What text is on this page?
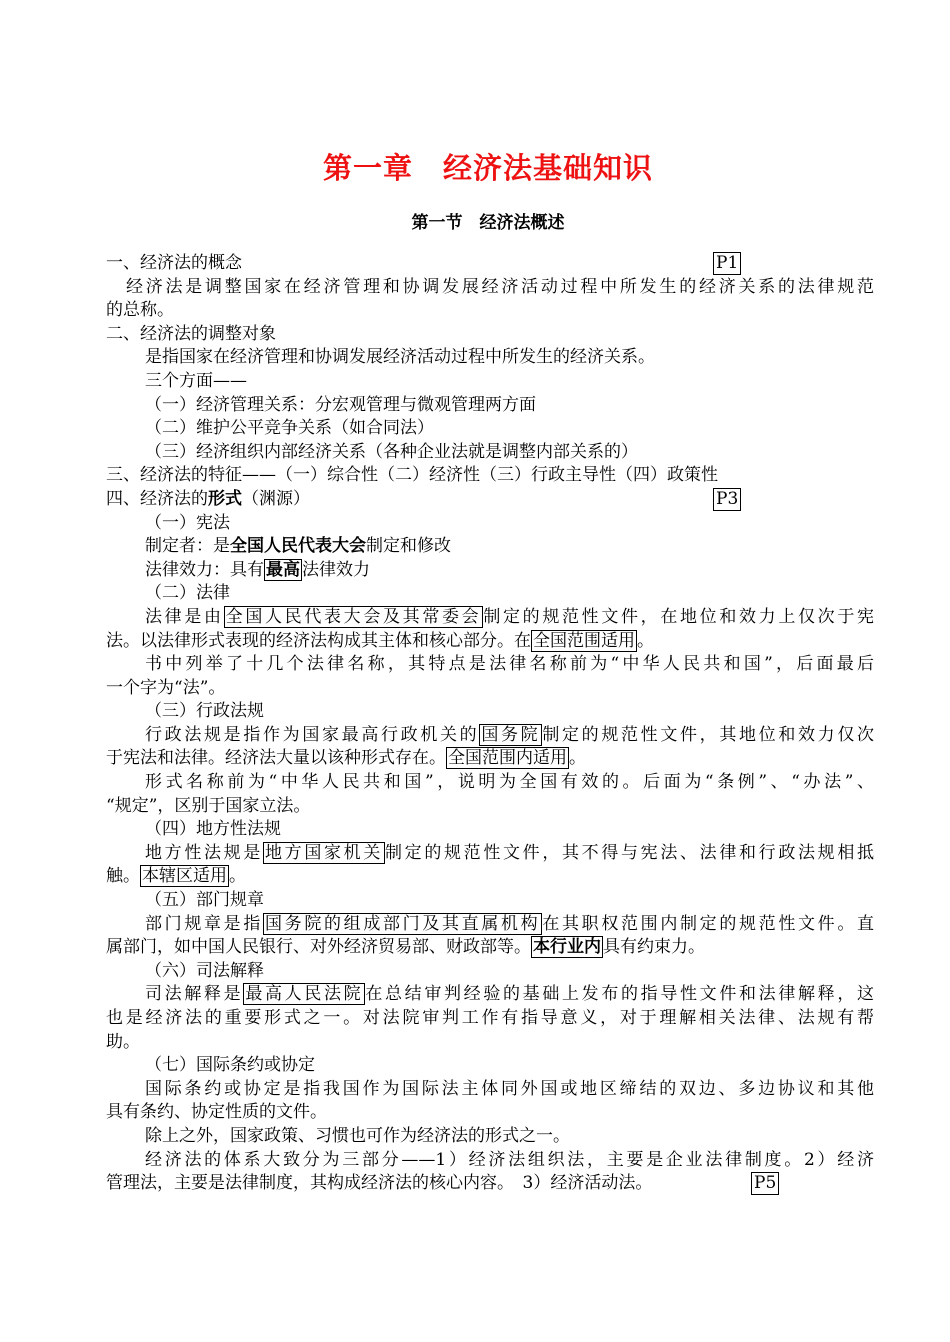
第一章　经济法基础知识
第一节　经济法概述
一、经济法的概念	P1
经济法是调整国家在经济管理和协调发展经济活动过程中所发生的经济关系的法律规范
的总称。
二、经济法的调整对象
是指国家在经济管理和协调发展经济活动过程中所发生的经济关系。
三个方面——
（一）经济管理关系：分宏观管理与微观管理两方面
（二）维护公平竞争关系（如合同法）
（三）经济组织内部经济关系（各种企业法就是调整内部关系的）
三、经济法的特征——（一）综合性（二）经济性（三）行政主导性（四）政策性
四、经济法的形式（渊源）	P3
（一）宪法
制定者：是全国人民代表大会制定和修改
法律效力：具有 最高 法律效力
（二）法律
法律是由 全国人民代表大会及其常委会 制定的规范性文件，在地位和效力上仅次于宪
法。以法律形式表现的经济法构成其主体和核心部分。在 全国范围适用 。
书中列举了十几个法律名称，其特点是法律名称前为“中华人民共和国”，后面最后
一个字为“法”。
（三）行政法规
行政法规是指作为国家最高行政机关的 国务院 制定的规范性文件，其地位和效力仅次
于宪法和法律。经济法大量以该种形式存在。 全国范围内适用 。
形式名称前为“中华人民共和国”，说明为全国有效的。后面为“条例”、“办法”、
“规定”，区别于国家立法。
（四）地方性法规
地方性法规是 地方国家机关 制定的规范性文件，其不得与宪法、法律和行政法规相抵
触。 本辖区适用 。
（五）部门规章
部门规章是指 国务院的组成部门及其直属机构 在其职权范围内制定的规范性文件。直
属部门，如中国人民银行、对外经济贸易部、财政部等。 本行业内 具有约束力。
（六）司法解释
司法解释是 最高人民法院 在总结审判经验的基础上发布的指导性文件和法律解释，这
也是经济法的重要形式之一。对法院审判工作有指导意义，对于理解相关法律、法规有帮
助。
（七）国际条约或协定
国际条约或协定是指我国作为国际法主体同外国或地区缔结的双边、多边协议和其他
具有条约、协定性质的文件。
除上之外，国家政策、习惯也可作为经济法的形式之一。
经济法的体系大致分为三部分——1）经济法组织法，主要是企业法律制度。2）经济
管理法，主要是法律制度，其构成经济法的核心内容。　3）经济活动法。	P5
